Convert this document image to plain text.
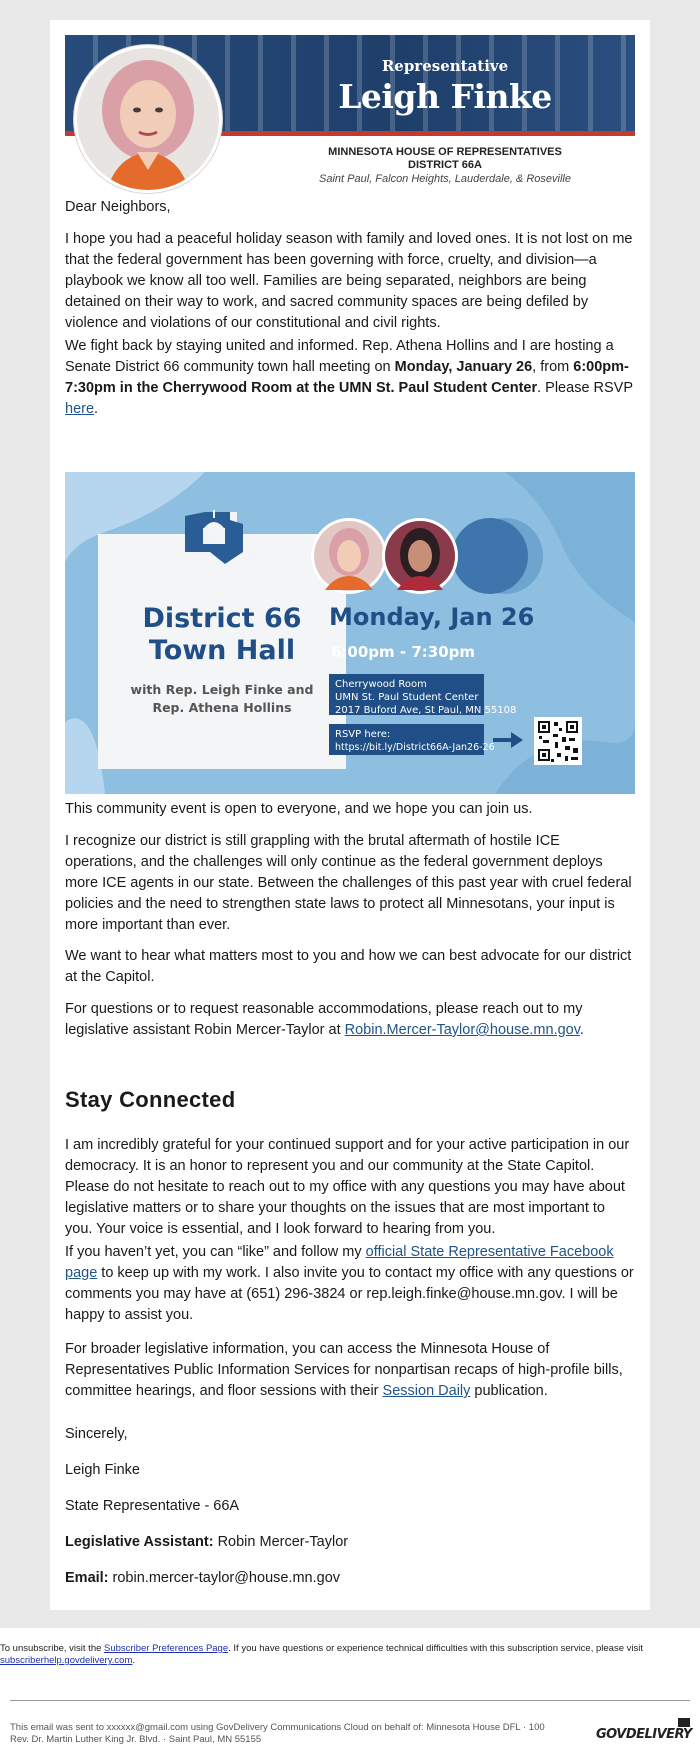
Representative
Leigh Finke
MINNESOTA HOUSE OF REPRESENTATIVES
DISTRICT 66A
Saint Paul, Falcon Heights, Lauderdale, & Roseville

Dear Neighbors,

I hope you had a peaceful holiday season with family and loved ones. It is not lost on me that the federal government has been governing with force, cruelty, and division—a playbook we know all too well. Families are being separated, neighbors are being detained on their way to work, and sacred community spaces are being defiled by violence and violations of our constitutional and civil rights.

We fight back by staying united and informed. Rep. Athena Hollins and I are hosting a Senate District 66 community town hall meeting on Monday, January 26, from 6:00pm-7:30pm in the Cherrywood Room at the UMN St. Paul Student Center. Please RSVP here.

District 66
Town Hall
with Rep. Leigh Finke and
Rep. Athena Hollins
Monday, Jan 26
6:00pm - 7:30pm
Cherrywood Room
UMN St. Paul Student Center
2017 Buford Ave, St Paul, MN 55108
RSVP here:
https://bit.ly/District66A-Jan26-26

This community event is open to everyone, and we hope you can join us.

I recognize our district is still grappling with the brutal aftermath of hostile ICE operations, and the challenges will only continue as the federal government deploys more ICE agents in our state. Between the challenges of this past year with cruel federal policies and the need to strengthen state laws to protect all Minnesotans, your input is more important than ever.

We want to hear what matters most to you and how we can best advocate for our district at the Capitol.

For questions or to request reasonable accommodations, please reach out to my legislative assistant Robin Mercer-Taylor at Robin.Mercer-Taylor@house.mn.gov.

Stay Connected

I am incredibly grateful for your continued support and for your active participation in our democracy. It is an honor to represent you and our community at the State Capitol. Please do not hesitate to reach out to my office with any questions you may have about legislative matters or to share your thoughts on the issues that are most important to you. Your voice is essential, and I look forward to hearing from you.

If you haven’t yet, you can “like” and follow my official State Representative Facebook page to keep up with my work. I also invite you to contact my office with any questions or comments you may have at (651) 296-3824 or rep.leigh.finke@house.mn.gov. I will be happy to assist you.

For broader legislative information, you can access the Minnesota House of Representatives Public Information Services for nonpartisan recaps of high-profile bills, committee hearings, and floor sessions with their Session Daily publication.

Sincerely,

Leigh Finke

State Representative - 66A

Legislative Assistant: Robin Mercer-Taylor

Email: robin.mercer-taylor@house.mn.gov

To unsubscribe, visit the Subscriber Preferences Page. If you have questions or experience technical difficulties with this subscription service, please visit subscriberhelp.govdelivery.com.
This email was sent to xxxxxx@gmail.com using GovDelivery Communications Cloud on behalf of: Minnesota House DFL · 100
Rev. Dr. Martin Luther King Jr. Blvd. · Saint Paul, MN 55155	GOVDELIVERY
